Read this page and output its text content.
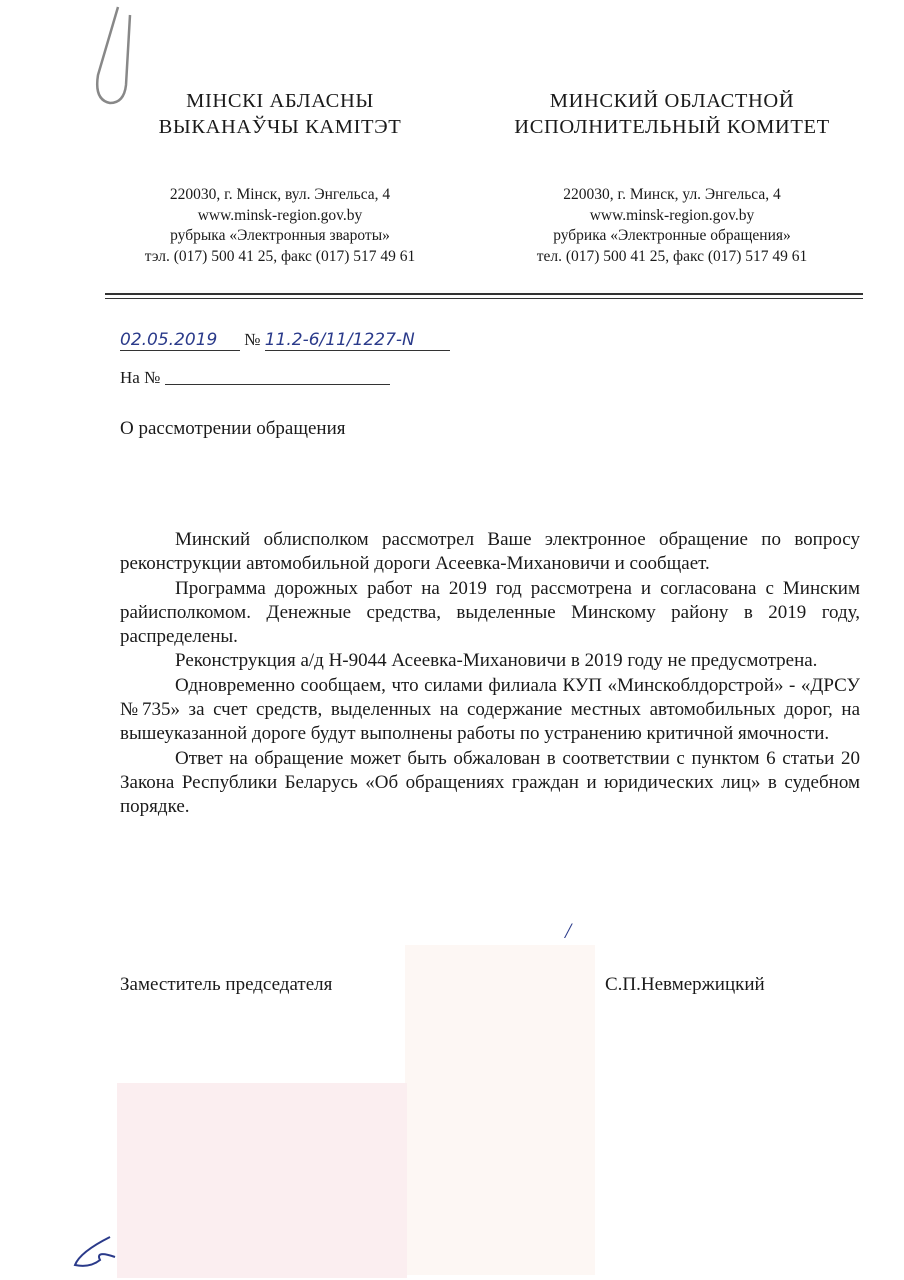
МІНСКІ АБЛАСНЫ
ВЫКАНАЎЧЫ КАМІТЭТ
220030, г. Мінск, вул. Энгельса, 4
www.minsk-region.gov.by
рубрыка «Электронныя звароты»
тэл. (017) 500 41 25, факс (017) 517 49 61
МИНСКИЙ ОБЛАСТНОЙ
ИСПОЛНИТЕЛЬНЫЙ КОМИТЕТ
220030, г. Минск, ул. Энгельса, 4
www.minsk-region.gov.by
рубрика «Электронные обращения»
тел. (017) 500 41 25, факс (017) 517 49 61
02.05.2019 № 11.2-6/11/1227-N
На №
О рассмотрении обращения

Минский облисполком рассмотрел Ваше электронное обращение по вопросу реконструкции автомобильной дороги Асеевка-Михановичи и сообщает.

Программа дорожных работ на 2019 год рассмотрена и согласована с Минским райисполкомом. Денежные средства, выделенные Минскому району в 2019 году, распределены.

Реконструкция а/д Н-9044 Асеевка-Михановичи в 2019 году не предусмотрена.

Одновременно сообщаем, что силами филиала КУП «Минскоблдорстрой» - «ДРСУ №735» за счет средств, выделенных на содержание местных автомобильных дорог, на вышеуказанной дороге будут выполнены работы по устранению критичной ямочности.

Ответ на обращение может быть обжалован в соответствии с пунктом 6 статьи 20 Закона Республики Беларусь «Об обращениях граждан и юридических лиц» в судебном порядке.

/
Заместитель председателя	С.П.Невмержицкий
